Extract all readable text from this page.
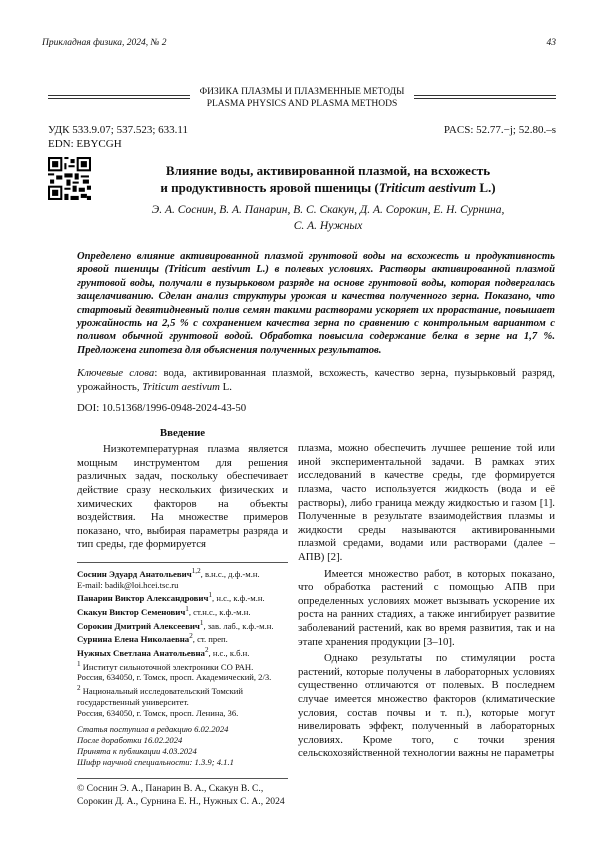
Прикладная физика, 2024, № 2	43
ФИЗИКА ПЛАЗМЫ И ПЛАЗМЕННЫЕ МЕТОДЫ
PLASMA PHYSICS AND PLASMA METHODS
УДК 533.9.07; 537.523; 633.11
EDN: EBYCGH
PACS: 52.77.−j; 52.80.–s
Влияние воды, активированной плазмой, на всхожесть
и продуктивность яровой пшеницы (Triticum aestivum L.)
Э. А. Соснин, В. А. Панарин, В. С. Скакун, Д. А. Сорокин, Е. Н. Сурнина,
С. А. Нужных
Определено влияние активированной плазмой грунтовой воды на всхожесть и продуктивность яровой пшеницы (Triticum aestivum L.) в полевых условиях. Растворы активированной плазмой грунтовой воды, получали в пузырьковом разряде на основе грунтовой воды, которая подвергалась защелачиванию. Сделан анализ структуры урожая и качества полученного зерна. Показано, что стартовый девятидневный полив семян такими растворами ускоряет их прорастание, повышает урожайность на 2,5 % с сохранением качества зерна по сравнению с контрольным вариантом с поливом обычной грунтовой водой. Обработка повысила содержание белка в зерне на 1,7 %. Предложена гипотеза для объяснения полученных результатов.
Ключевые слова: вода, активированная плазмой, всхожесть, качество зерна, пузырьковый разряд, урожайность, Triticum aestivum L.
DOI: 10.51368/1996-0948-2024-43-50
Введение

Низкотемпературная плазма является мощным инструментом для решения различных задач, поскольку обеспечивает действие сразу нескольких физических и химических факторов на объекты воздействия. На множестве примеров показано, что, выбирая параметры разряда и тип среды, где формируется

Соснин Эдуард Анатольевич1,2, в.н.с., д.ф.-м.н.
E-mail: badik@loi.hcei.tsc.ru
Панарин Виктор Александрович1, н.с., к.ф.-м.н.
Скакун Виктор Семенович1, ст.н.с., к.ф.-м.н.
Сорокин Дмитрий Алексеевич1, зав. лаб., к.ф.-м.н.
Сурнина Елена Николаевна2, ст. преп.
Нужных Светлана Анатольевна2, н.с., к.б.н.
1 Институт сильноточной электроники СО РАН.
Россия, 634050, г. Томск, просп. Академический, 2/3.
2 Национальный исследовательский Томский государственный университет.
Россия, 634050, г. Томск, просп. Ленина, 36.
Статья поступила в редакцию 6.02.2024
После доработки 16.02.2024
Принята к публикации 4.03.2024
Шифр научной специальности: 1.3.9; 4.1.1
© Соснин Э. А., Панарин В. А., Скакун В. С., Сорокин Д. А., Сурнина Е. Н., Нужных С. А., 2024

плазма, можно обеспечить лучшее решение той или иной экспериментальной задачи. В рамках этих исследований в качестве среды, где формируется плазма, часто используется жидкость (вода и её растворы), либо граница между жидкостью и газом [1]. Полученные в результате взаимодействия плазмы и жидкости среды называются активированными плазмой средами, водами или растворами (далее – АПВ) [2].

Имеется множество работ, в которых показано, что обработка растений с помощью АПВ при определенных условиях может вызывать ускорение их роста на ранних стадиях, а также ингибирует развитие заболеваний растений, как во время развития, так и на этапе хранения продукции [3–10].

Однако результаты по стимуляции роста растений, которые получены в лабораторных условиях существенно отличаются от полевых. В последнем случае имеется множество факторов (климатические условия, состав почвы и т. п.), которые могут нивелировать эффект, полученный в лабораторных условиях. Кроме того, с точки зрения сельскохозяйственной технологии важны не параметры
